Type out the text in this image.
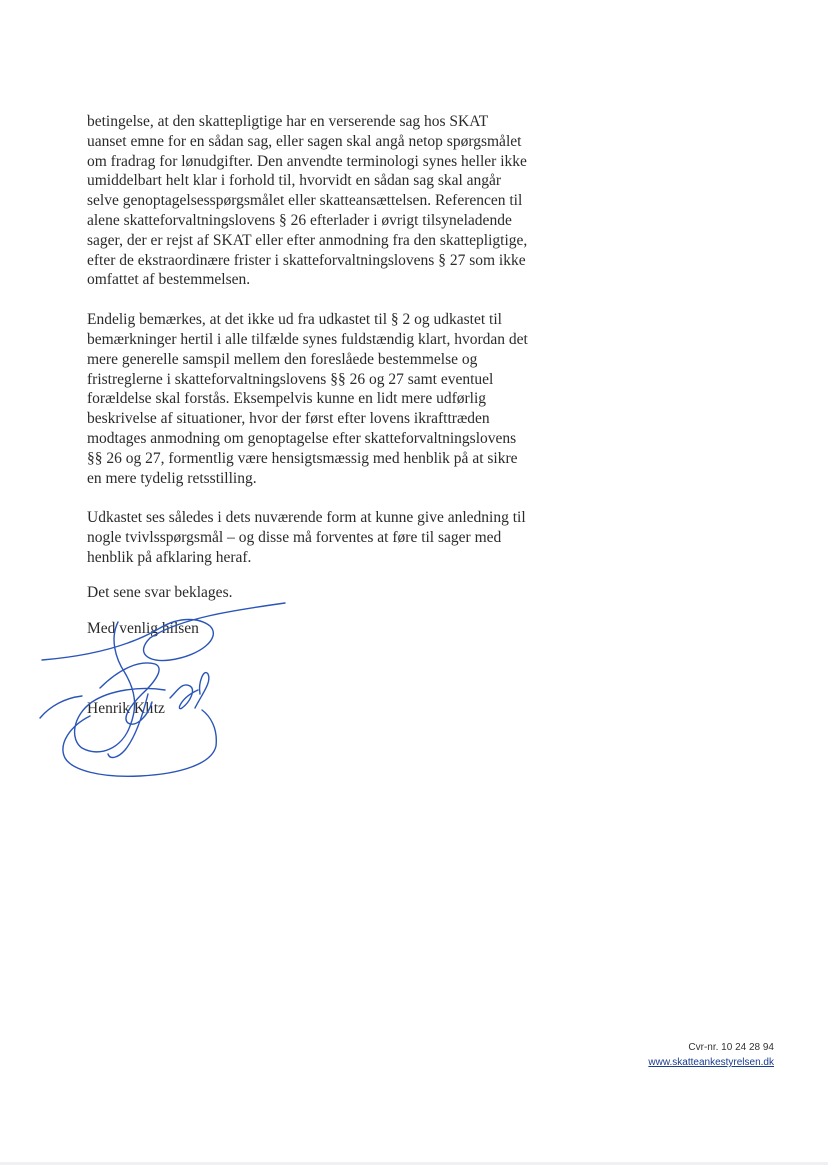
betingelse, at den skattepligtige har en verserende sag hos SKAT
uanset emne for en sådan sag, eller sagen skal angå netop spørgsmålet
om fradrag for lønudgifter. Den anvendte terminologi synes heller ikke
umiddelbart helt klar i forhold til, hvorvidt en sådan sag skal angår
selve genoptagelsesspørgsmålet eller skatteansættelsen. Referencen til
alene skatteforvaltningslovens § 26 efterlader i øvrigt tilsyneladende
sager, der er rejst af SKAT eller efter anmodning fra den skattepligtige,
efter de ekstraordinære frister i skatteforvaltningslovens § 27 som ikke
omfattet af bestemmelsen.

Endelig bemærkes, at det ikke ud fra udkastet til § 2 og udkastet til
bemærkninger hertil i alle tilfælde synes fuldstændig klart, hvordan det
mere generelle samspil mellem den foreslåede bestemmelse og
fristreglerne i skatteforvaltningslovens §§ 26 og 27 samt eventuel
forældelse skal forstås. Eksempelvis kunne en lidt mere udførlig
beskrivelse af situationer, hvor der først efter lovens ikrafttræden
modtages anmodning om genoptagelse efter skatteforvaltningslovens
§§ 26 og 27, formentlig være hensigtsmæssig med henblik på at sikre
en mere tydelig retsstilling.

Udkastet ses således i dets nuværende form at kunne give anledning til
nogle tvivlsspørgsmål – og disse må forventes at føre til sager med
henblik på afklaring heraf.

Det sene svar beklages.
Med venlig hilsen
Henrik Klitz
Cvr-nr. 10 24 28 94
www.skatteankestyrelsen.dk
